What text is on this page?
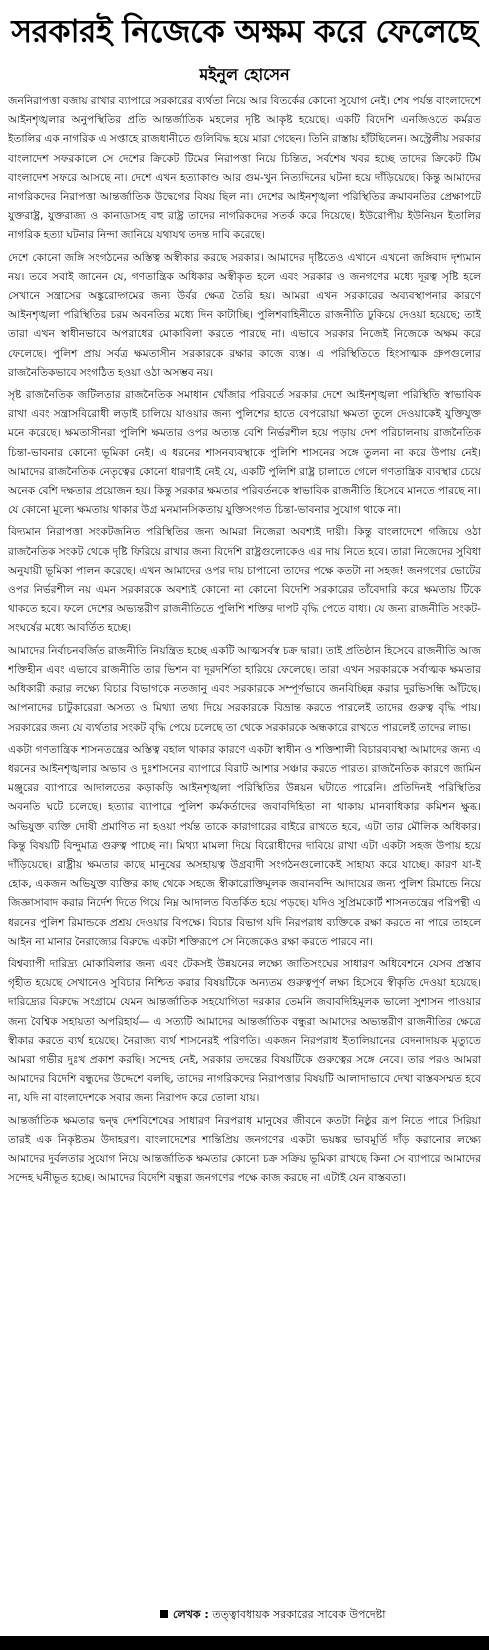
সরকারই নিজেকে অক্ষম করে ফেলেছে
মইনুল হোসেন

জননিরাপত্তা বজায় রাখার ব্যাপারে সরকারের ব্যর্থতা নিয়ে আর বিতর্কের কোনো সুযোগ নেই। শেষ পর্যন্ত বাংলাদেশে আইনশৃঙ্খলার অনুপস্থিতির প্রতি আন্তর্জাতিক মহলের দৃষ্টি আকৃষ্ট হয়েছে। একটি বিদেশি এনজিওতে কর্মরত ইতালির এক নাগরিক এ সপ্তাহে রাজধানীতে গুলিবিদ্ধ হয়ে মারা গেছেন। তিনি রাস্তায় হাঁটছিলেন। অস্ট্রেলীয় সরকার বাংলাদেশ সফরকালে সে দেশের ক্রিকেট টিমের নিরাপত্তা নিয়ে চিন্তিত, সর্বশেষ খবর হচ্ছে তাদের ক্রিকেট টিম বাংলাদেশ সফরে আসছে না। দেশে এখন হত্যাকাণ্ড আর গুম-খুন নিত্যদিনের ঘটনা হয়ে দাঁড়িয়েছে। কিন্তু আমাদের নাগরিকদের নিরাপত্তা আন্তর্জাতিক উদ্বেগের বিষয় ছিল না। দেশের আইনশৃঙ্খলা পরিস্থিতির ক্রমাবনতির প্রেক্ষাপটে যুক্তরাষ্ট্র, যুক্তরাজ্য ও কানাডাসহ বহু রাষ্ট্র তাদের নাগরিকদের সতর্ক করে দিয়েছে। ইউরোপীয় ইউনিয়ন ইতালির নাগরিক হত্যা ঘটনার নিন্দা জানিয়ে যথাযথ তদন্ত দাবি করেছে।

দেশে কোনো জঙ্গি সংগঠনের অস্তিত্ব অস্বীকার করছে সরকার। আমাদের দৃষ্টিতেও এখানে এখনো জঙ্গিবাদ দৃশ্যমান নয়। তবে সবাই জানেন যে, গণতান্ত্রিক অধিকার অস্বীকৃত হলে এবং সরকার ও জনগণের মধ্যে দূরত্ব সৃষ্টি হলে সেখানে সন্ত্রাসের অঙ্কুরোদ্গমের জন্য উর্বর ক্ষেত্র তৈরি হয়। আমরা এখন সরকারের অব্যবস্থাপনার কারণে আইনশৃঙ্খলা পরিস্থিতির চরম অবনতির মধ্যে দিন কাটাচ্ছি। পুলিশবাহিনীতে রাজনীতি ঢুকিয়ে দেওয়া হয়েছে; তাই তারা এখন স্বাধীনভাবে অপরাধের মোকাবিলা করতে পারছে না। এভাবে সরকার নিজেই নিজেকে অক্ষম করে ফেলেছে। পুলিশ প্রায় সর্বত্র ক্ষমতাসীন সরকারকে রক্ষার কাজে ব্যস্ত। এ পরিস্থিতিতে হিংসাত্মক গ্রুপগুলোর রাজনৈতিকভাবে সংগঠিত হওয়া ওঠা অসম্ভব নয়।

সৃষ্ট রাজনৈতিক জটিলতার রাজনৈতিক সমাধান খোঁজার পরিবর্তে সরকার দেশে আইনশৃঙ্খলা পরিস্থিতি স্বাভাবিক রাখা এবং সন্ত্রাসবিরোধী লড়াই চালিয়ে যাওয়ার জন্য পুলিশের হাতে বেপরোয়া ক্ষমতা তুলে দেওয়াকেই যুক্তিযুক্ত মনে করেছে। ক্ষমতাসীনরা পুলিশি ক্ষমতার ওপর অত্যন্ত বেশি নির্ভরশীল হয়ে পড়ায় দেশ পরিচালনায় রাজনৈতিক চিন্তা-ভাবনার কোনো ভূমিকা নেই। এ ধরনের শাসনব্যবস্থাকে পুলিশি শাসনের সঙ্গে তুলনা না করে উপায় নেই। আমাদের রাজনৈতিক নেতৃত্বের কোনো ধারণাই নেই যে, একটি পুলিশি রাষ্ট্র চালাতে গেলে গণতান্ত্রিক ব্যবস্থার চেয়ে অনেক বেশি দক্ষতার প্রয়োজন হয়। কিন্তু সরকার ক্ষমতার পরিবর্তনকে স্বাভাবিক রাজনীতি হিসেবে মানতে পারছে না। যে কোনো মূল্যে ক্ষমতায় থাকার উগ্র মনমানসিকতায় যুক্তিসংগত চিন্তা-ভাবনার সুযোগ থাকে না।

বিদ্যমান নিরাপত্তা সংকটজনিত পরিস্থিতির জন্য আমরা নিজেরা অবশ্যই দায়ী। কিন্তু বাংলাদেশে গজিয়ে ওঠা রাজনৈতিক সংকট থেকে দৃষ্টি ফিরিয়ে রাখার জন্য বিদেশি রাষ্ট্রগুলোকেও এর দায় নিতে হবে। তারা নিজেদের সুবিধা অনুযায়ী ভূমিকা পালন করেছে। এখন আমাদের ওপর দায় চাপানো তাদের পক্ষে কতটা না সহজ! জনগণের ভোটের ওপর নির্ভরশীল নয় এমন সরকারকে অবশ্যই কোনো না কোনো বিদেশি সরকারের তাঁবেদারি করে ক্ষমতায় টিকে থাকতে হবে। ফলে দেশের অভ্যন্তরীণ রাজনীতিতে পুলিশি শক্তির দাপট বৃদ্ধি পেতে বাধ্য। যে জন্য রাজনীতি সংকট-সংঘর্ষের মধ্যে আবর্তিত হচ্ছে।

আমাদের নির্বাচনবর্জিত রাজনীতি নিয়ন্ত্রিত হচ্ছে একটি আত্মসর্বস্ব চক্র দ্বারা। তাই প্রতিষ্ঠান হিসেবে রাজনীতি আজ শক্তিহীন এবং এভাবে রাজনীতি তার ভিশন বা দূরদর্শিতা হারিয়ে ফেলেছে। তারা এখন সরকারকে সর্বাত্মক ক্ষমতার অধিকারী করার লক্ষ্যে বিচার বিভাগকে নতজানু এবং সরকারকে সম্পূর্ণভাবে জনবিচ্ছিন্ন করার দুরভিসন্ধি আঁটছে। আপনাদের চাটুকারেরা অসত্য ও মিথ্যা তথ্য দিয়ে সরকারকে বিভ্রান্ত করতে পারলেই তাদের গুরুত্ব বৃদ্ধি পায়। সরকারের জন্য যে ব্যর্থতার সংকট বৃদ্ধি পেয়ে চলেছে তা থেকে সরকারকে অন্ধকারে রাখতে পারলেই তাদের লাভ।

একটা গণতান্ত্রিক শাসনতন্ত্রের অস্তিত্ব বহাল থাকার কারণে একটা স্বাধীন ও শক্তিশালী বিচারব্যবস্থা আমাদের জন্য এ ধরনের আইনশৃঙ্খলার অভাব ও দুঃশাসনের ব্যাপারে বিরাট আশার সঞ্চার করতে পারত। রাজনৈতিক কারণে জামিন মঞ্জুরের ব্যাপারে আদালতের কড়াকড়ি আইনশৃঙ্খলা পরিস্থিতির উন্নয়ন ঘটাতে পারেনি। প্রতিদিনই পরিস্থিতির অবনতি ঘটে চলেছে। হত্যার ব্যাপারে পুলিশ কর্মকর্তাদের জবাবদিহিতা না থাকায় মানবাধিকার কমিশন ক্ষুব্ধ। অভিযুক্ত ব্যক্তি দোষী প্রমাণিত না হওয়া পর্যন্ত তাকে কারাগারের বাইরে রাখতে হবে, এটা তার মৌলিক অধিকার। কিন্তু বিষয়টি বিন্দুমাত্র গুরুত্ব পাচ্ছে না। মিথ্যা মামলা দিয়ে বিরোধীদের দাবিয়ে রাখা এটা একটা সহজ উপায় হয়ে দাঁড়িয়েছে। রাষ্ট্রীয় ক্ষমতার কাছে মানুষের অসহায়ত্ব উগ্রবাদী সংগঠনগুলোকেই সাহায্য করে যাচ্ছে। কারণ যা-ই হোক, একজন অভিযুক্ত ব্যক্তির কাছ থেকে সহজে স্বীকারোক্তিমূলক জবানবন্দি আদায়ের জন্য পুলিশ রিমান্ডে নিয়ে জিজ্ঞাসাবাদ করার নির্দেশ দিতে গিয়ে নিম্ন আদালত বিতর্কিত হয়ে পড়ছে। যদিও সুপ্রিমকোর্ট শাসনতন্ত্রের পরিপন্থী এ ধরনের পুলিশ রিমান্ডকে প্রশ্রয় দেওয়ার বিপক্ষে। বিচার বিভাগ যদি নিরপরাধ ব্যক্তিকে রক্ষা করতে না পারে তাহলে আইন না মানার নৈরাজ্যের বিরুদ্ধে একটা শক্তিরূপে সে নিজেকেও রক্ষা করতে পারবে না।

বিশ্বব্যাপী দারিদ্র্য মোকাবিলার জন্য এবং টেকসই উন্নয়নের লক্ষ্যে জাতিসংঘের সাধারণ অধিবেশনে যেসব প্রস্তাব গৃহীত হয়েছে সেখানেও সুবিচার নিশ্চিত করার বিষয়টিকে অন্যতম গুরুত্বপূর্ণ লক্ষ্য হিসেবে স্বীকৃতি দেওয়া হয়েছে। দারিদ্র্যের বিরুদ্ধে সংগ্রামে যেমন আন্তর্জাতিক সহযোগিতা দরকার তেমনি জবাবদিহিমূলক ভালো সুশাসন পাওয়ার জন্য বৈশ্বিক সহায়তা অপরিহার্য— এ সত্যটি আমাদের আন্তর্জাতিক বন্ধুরা আমাদের অভ্যন্তরীণ রাজনীতির ক্ষেত্রে স্বীকার করতে ব্যর্থ হয়েছে। নৈরাজ্য ব্যর্থ শাসনেরই পরিণতি। একজন নিরপরাধ ইতালিয়ানের বেদনাদায়ক মৃত্যুতে আমরা গভীর দুঃখ প্রকাশ করছি। সন্দেহ নেই, সরকার তদন্তের বিষয়টিকে গুরুত্বের সঙ্গে নেবে। তার পরও আমরা আমাদের বিদেশি বন্ধুদের উদ্দেশে বলছি, তাদের নাগরিকদের নিরাপত্তার বিষয়টি আলাদাভাবে দেখা বাস্তবসম্মত হবে না, যদি না বাংলাদেশকে সবার জন্য নিরাপদ করে তোলা যায়।

আন্তর্জাতিক ক্ষমতার দ্বন্দ্ব দেশবিশেষের সাধারণ নিরপরাধ মানুষের জীবনে কতটা নিষ্ঠুর রূপ নিতে পারে সিরিয়া তারই এক নিকৃষ্টতম উদাহরণ। বাংলাদেশের শান্তিপ্রিয় জনগণের একটা ভয়ঙ্কর ভাবমূর্তি দাঁড় করানোর লক্ষ্যে আমাদের দুর্বলতার সুযোগ নিয়ে আন্তর্জাতিক ক্ষমতার কোনো চক্র সক্রিয় ভূমিকা রাখছে কিনা সে ব্যাপারে আমাদের সন্দেহ ঘনীভূত হচ্ছে। আমাদের বিদেশি বন্ধুরা জনগণের পক্ষে কাজ করছে না এটাই যেন বাস্তবতা।

লেখক : তত্ত্বাবধায়ক সরকারের সাবেক উপদেষ্টা
